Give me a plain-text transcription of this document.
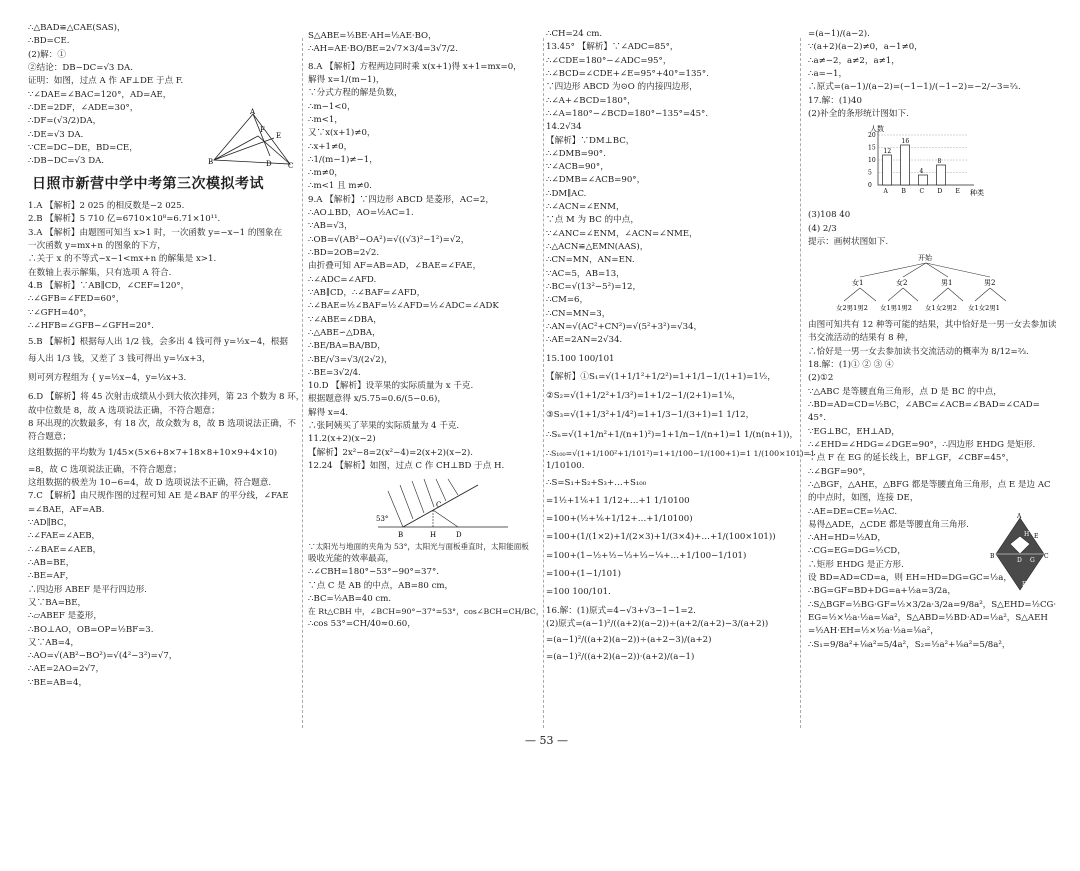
∴△BAD≌△CAE(SAS)，

∴BD=CE.

(2)解：①

②结论：DB−DC=√3 DA.

证明：如图，过点 A 作 AF⊥DE 于点 F.

∵∠DAE=∠BAC=120°，AD=AE，

∴DE=2DF，∠ADE=30°，

∴DF=(√3/2)DA，

∴DE=√3 DA.

∵CE=DC−DE，BD=CE，

∴DB−DC=√3 DA.

A
F
E
B	D C
日照市新营中学中考第三次模拟考试

1.A 【解析】2 025 的相反数是−2 025.

2.B 【解析】5 710 亿=6710×10⁸=6.71×10¹¹.

3.A 【解析】由题图可知当 x>1 时，一次函数 y=−x−1 的图象在

一次函数 y=mx+n 的图象的下方，

∴关于 x 的不等式−x−1<mx+n 的解集是 x>1.

在数轴上表示解集，只有选项 A 符合.

4.B 【解析】∵AB∥CD，∠CEF=120°，

∴∠GFB=∠FED=60°，

∵∠GFH=40°，

∴∠HFB=∠GFB−∠GFH=20°.

5.B 【解析】根据每人出 1/2 钱，会多出 4 钱可得 y=½x−4，根据

每人出 1/3 钱，又差了 3 钱可得出 y=⅓x+3，

则可列方程组为 { y=½x−4，y=⅓x+3.

6.D 【解析】将 45 次射击成绩从小到大依次排列，第 23 个数为 8 环，

故中位数是 8，故 A 选项说法正确，不符合题意；

8 环出现的次数最多，有 18 次，故众数为 8，故 B 选项说法正确，不

符合题意；

这组数据的平均数为 1/45×(5×6+8×7+18×8+10×9+4×10)

=8，故 C 选项说法正确，不符合题意；

这组数据的极差为 10−6=4，故 D 选项说法不正确，符合题意.

7.C 【解析】由尺规作图的过程可知 AE 是∠BAF 的平分线，∠FAE

=∠BAE，AF=AB.

∵AD∥BC，

∴∠FAE=∠AEB，

∴∠BAE=∠AEB，

∴AB=BE，

∴BE=AF，

∴四边形 ABEF 是平行四边形.

又∵BA=BE，

∴▱ABEF 是菱形，

∴BO⊥AO，OB=OP=½BF=3.

又∵AB=4，

∴AO=√(AB²−BO²)=√(4²−3²)=√7，

∴AE=2AO=2√7，

∵BE=AB=4，

S△ABE=½BE·AH=½AE·BO，

∴AH=AE·BO/BE=2√7×3/4=3√7/2.

8.A 【解析】方程两边同时乘 x(x+1)得 x+1=mx=0，

解得 x=1/(m−1)，

∵分式方程的解是负数，

∴m−1<0，

∴m<1，

又∵x(x+1)≠0，

∴x+1≠0，

∴1/(m−1)≠−1，

∴m≠0，

∴m<1 且 m≠0.

9.A 【解析】∵四边形 ABCD 是菱形，AC=2，

∴AO⊥BD，AO=½AC=1.

∵AB=√3，

∴OB=√(AB²−OA²)=√((√3)²−1²)=√2，

∴BD=2OB=2√2.

由折叠可知 AF=AB=AD，∠BAE=∠FAE，

∴∠ADC=∠AFD.

∵AB∥CD，∴∠BAF=∠AFD，

∴∠BAE=½∠BAF=½∠AFD=½∠ADC=∠ADK

∵∠ABE=∠DBA，

∴△ABE∽△DBA，

∴BE/BA=BA/BD，

∴BE/√3=√3/(2√2)，

∴BE=3√2/4.

10.D 【解析】设苹果的实际质量为 x 千克.

根据题意得 x/5.75=0.6/(5−0.6)，

解得 x=4.

∴张阿姨买了苹果的实际质量为 4 千克.

11.2(x+2)(x−2)

【解析】2x²−8=2(x²−4)=2(x+2)(x−2).

12.24 【解析】如图，过点 C 作 CH⊥BD 于点 H.

53°
B	H	D
C

∵太阳光与地面的夹角为 53°，太阳光与面板垂直时，太阳能面板

吸收光能的效率最高，

∴∠CBH=180°−53°−90°=37°.

∵点 C 是 AB 的中点，AB=80 cm，

∴BC=½AB=40 cm.

在 Rt△CBH 中，∠BCH=90°−37°=53°，cos∠BCH=CH/BC，

∴cos 53°=CH/40≈0.60，

∴CH=24 cm.

13.45° 【解析】∵∠ADC=85°，

∴∠CDE=180°−∠ADC=95°，

∴∠BCD=∠CDE+∠E=95°+40°=135°.

∵四边形 ABCD 为⊙O 的内接四边形，

∴∠A+∠BCD=180°，

∴∠A=180°−∠BCD=180°−135°=45°.

14.2√34

【解析】∵DM⊥BC，

∴∠DMB=90°.

∵∠ACB=90°，

∴∠DMB=∠ACB=90°，

∴DM∥AC.

∴∠ACN=∠ENM，

∵点 M 为 BC 的中点，

∵∠ANC=∠ENM，∠ACN=∠NME，

∴△ACN≌△EMN(AAS)，

∴CN=MN，AN=EN.

∵AC=5，AB=13，

∴BC=√(13²−5²)=12，

∴CM=6，

∴CN=MN=3，

∴AN=√(AC²+CN²)=√(5²+3²)=√34，

∴AE=2AN=2√34.

15.100 100/101

【解析】①S₁=√(1+1/1²+1/2²)=1+1/1−1/(1+1)=1½，

②S₂=√(1+1/2²+1/3²)=1+1/2−1/(2+1)=1⅙，

③S₃=√(1+1/3²+1/4²)=1+1/3−1/(3+1)=1 1/12，

∴Sₙ=√(1+1/n²+1/(n+1)²)=1+1/n−1/(n+1)=1 1/(n(n+1))，

∴S₁₀₀=√(1+1/100²+1/101²)=1+1/100−1/(100+1)=1 1/(100×101)=1

1/10100.

∴S=S₁+S₂+S₃+…+S₁₀₀

=1½+1⅙+1 1/12+…+1 1/10100

=100+(½+⅙+1/12+…+1/10100)

=100+(1/(1×2)+1/(2×3)+1/(3×4)+…+1/(100×101))

=100+(1−½+½−⅓+⅓−¼+…+1/100−1/101)

=100+(1−1/101)

=100 100/101.

16.解：(1)原式=4−√3+√3−1−1=2.

(2)原式=(a−1)²/((a+2)(a−2))÷(a+2/(a+2)−3/(a+2))

=(a−1)²/((a+2)(a−2))÷(a+2−3)/(a+2)

=(a−1)²/((a+2)(a−2))·(a+2)/(a−1)

=(a−1)/(a−2).

∵(a+2)(a−2)≠0，a−1≠0，

∴a≠−2，a≠2，a≠1，

∴a=−1，

∴原式=(a−1)/(a−2)=(−1−1)/(−1−2)=−2/−3=⅔.

17.解：(1)40

(2)补全的条形统计图如下.

人数
种类
12
16
4
8
A B C D E
20
15
10
5
0

(3)108 40

(4) 2/3

提示：画树状图如下.

开始
女1	女2	男1	男2
女2男1男2 女1男1男2 女1女2男2 女1女2男1

由图可知共有 12 种等可能的结果，其中恰好是一男一女去参加读

书交流活动的结果有 8 种，

∴恰好是一男一女去参加读书交流活动的概率为 8/12=⅔.

18.解：(1)① ② ③ ④

(2)①2

∵△ABC 是等腰直角三角形，点 D 是 BC 的中点，

∴BD=AD=CD=½BC，∠ABC=∠ACB=∠BAD=∠CAD=

45°.

∵EG⊥BC，EH⊥AD，

∴∠EHD=∠HDG=∠DGE=90°，∴四边形 EHDG 是矩形.

∵点 F 在 EG 的延长线上，BF⊥GF，∠CBF=45°，

∴∠BGF=90°，

∴△BGF，△AHE，△BFG 都是等腰直角三角形，点 E 是边 AC

的中点时，如图，连接 DE，

∴AE=DE=CE=½AC.

易得△ADE，△CDE 都是等腰直角三角形.

∴AH=HD=½AD，

∴CG=EG=DG=½CD，

∴矩形 EHDG 是正方形.

设 BD=AD=CD=a，则 EH=HD=DG=GC=½a，

∴BG=GF=BD+DG=a+½a=3/2a，

∴S△BGF=½BG·GF=½×3/2a·3/2a=9/8a²，S△EHD=½CG·

EG=½×½a·½a=⅛a²，S△ABD=½BD·AD=½a²，S△AEH

=½AH·EH=½×½a·½a=⅛a²，

∴S₁=9/8a²+⅛a²=5/4a²，S₂=½a²+⅛a²=5/8a²，

A
E
H
B
D G
C
F
— 53 —
